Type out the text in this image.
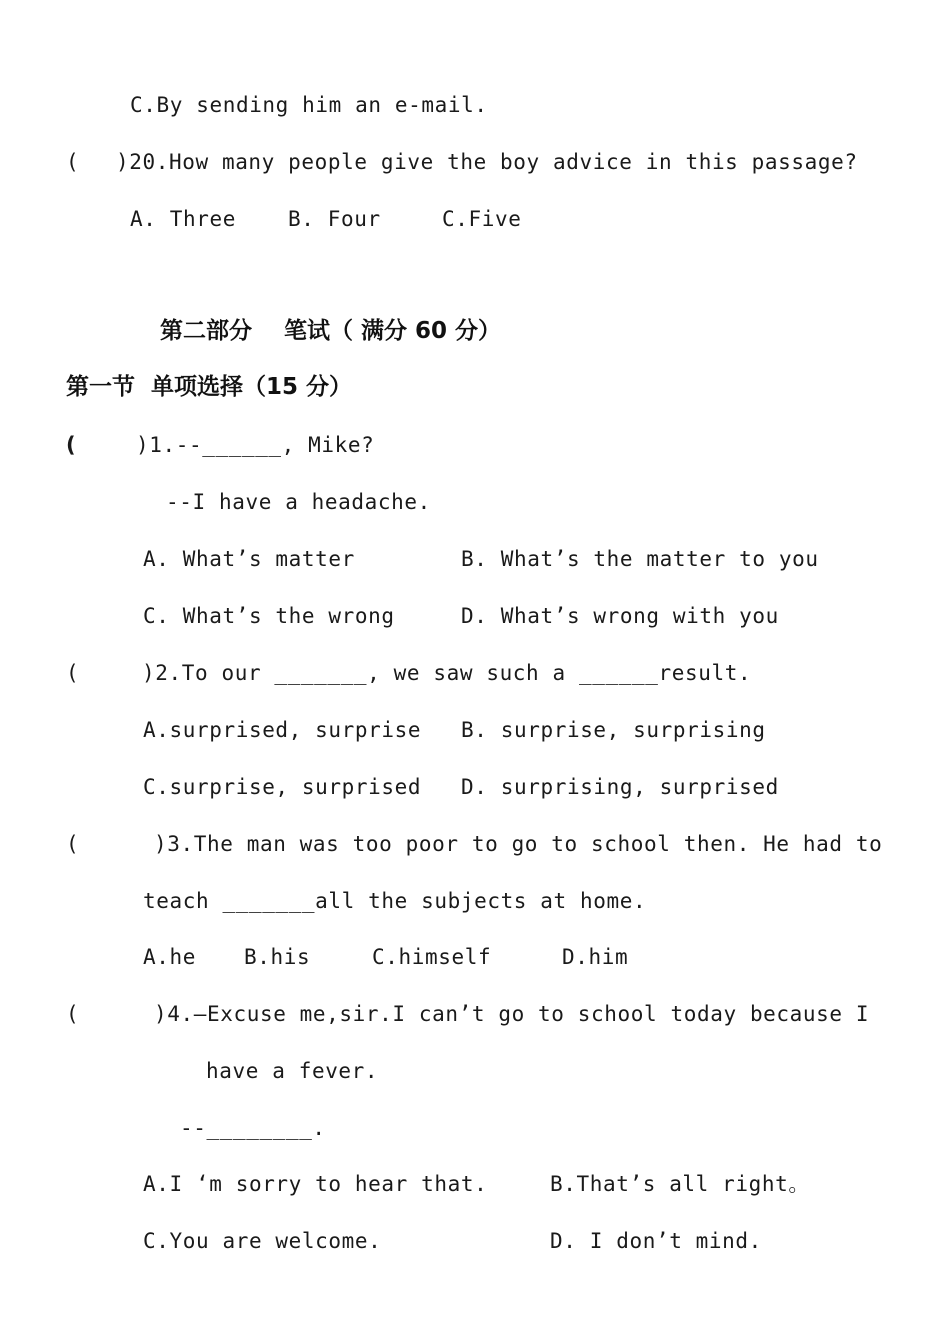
C.By sending him an e-mail.
( )20.How many people give the boy advice in this passage?
A. Three B. Four	C.Five
第二部分    笔试（ 满分 60 分）
第一节  单项选择（15 分）
(	)1.--______, Mike?
--I have a headache.
A. What’s matter	B. What’s the matter to you
C. What’s the wrong	D. What’s wrong with you
(	)2.To our _______, we saw such a ______result.
A.surprised, surprise B. surprise, surprising
C.surprise, surprised D. surprising, surprised
(	)3.The man was too poor to go to school then. He had to
teach _______all the subjects at home.
A.he B.his	C.himself	D.him
(	)4.—Excuse me,sir.I can’t go to school today because I
have a fever.
--________.
A.I ‘m sorry to hear that.	B.That’s all right。
C.You are welcome.	D. I don’t mind.
